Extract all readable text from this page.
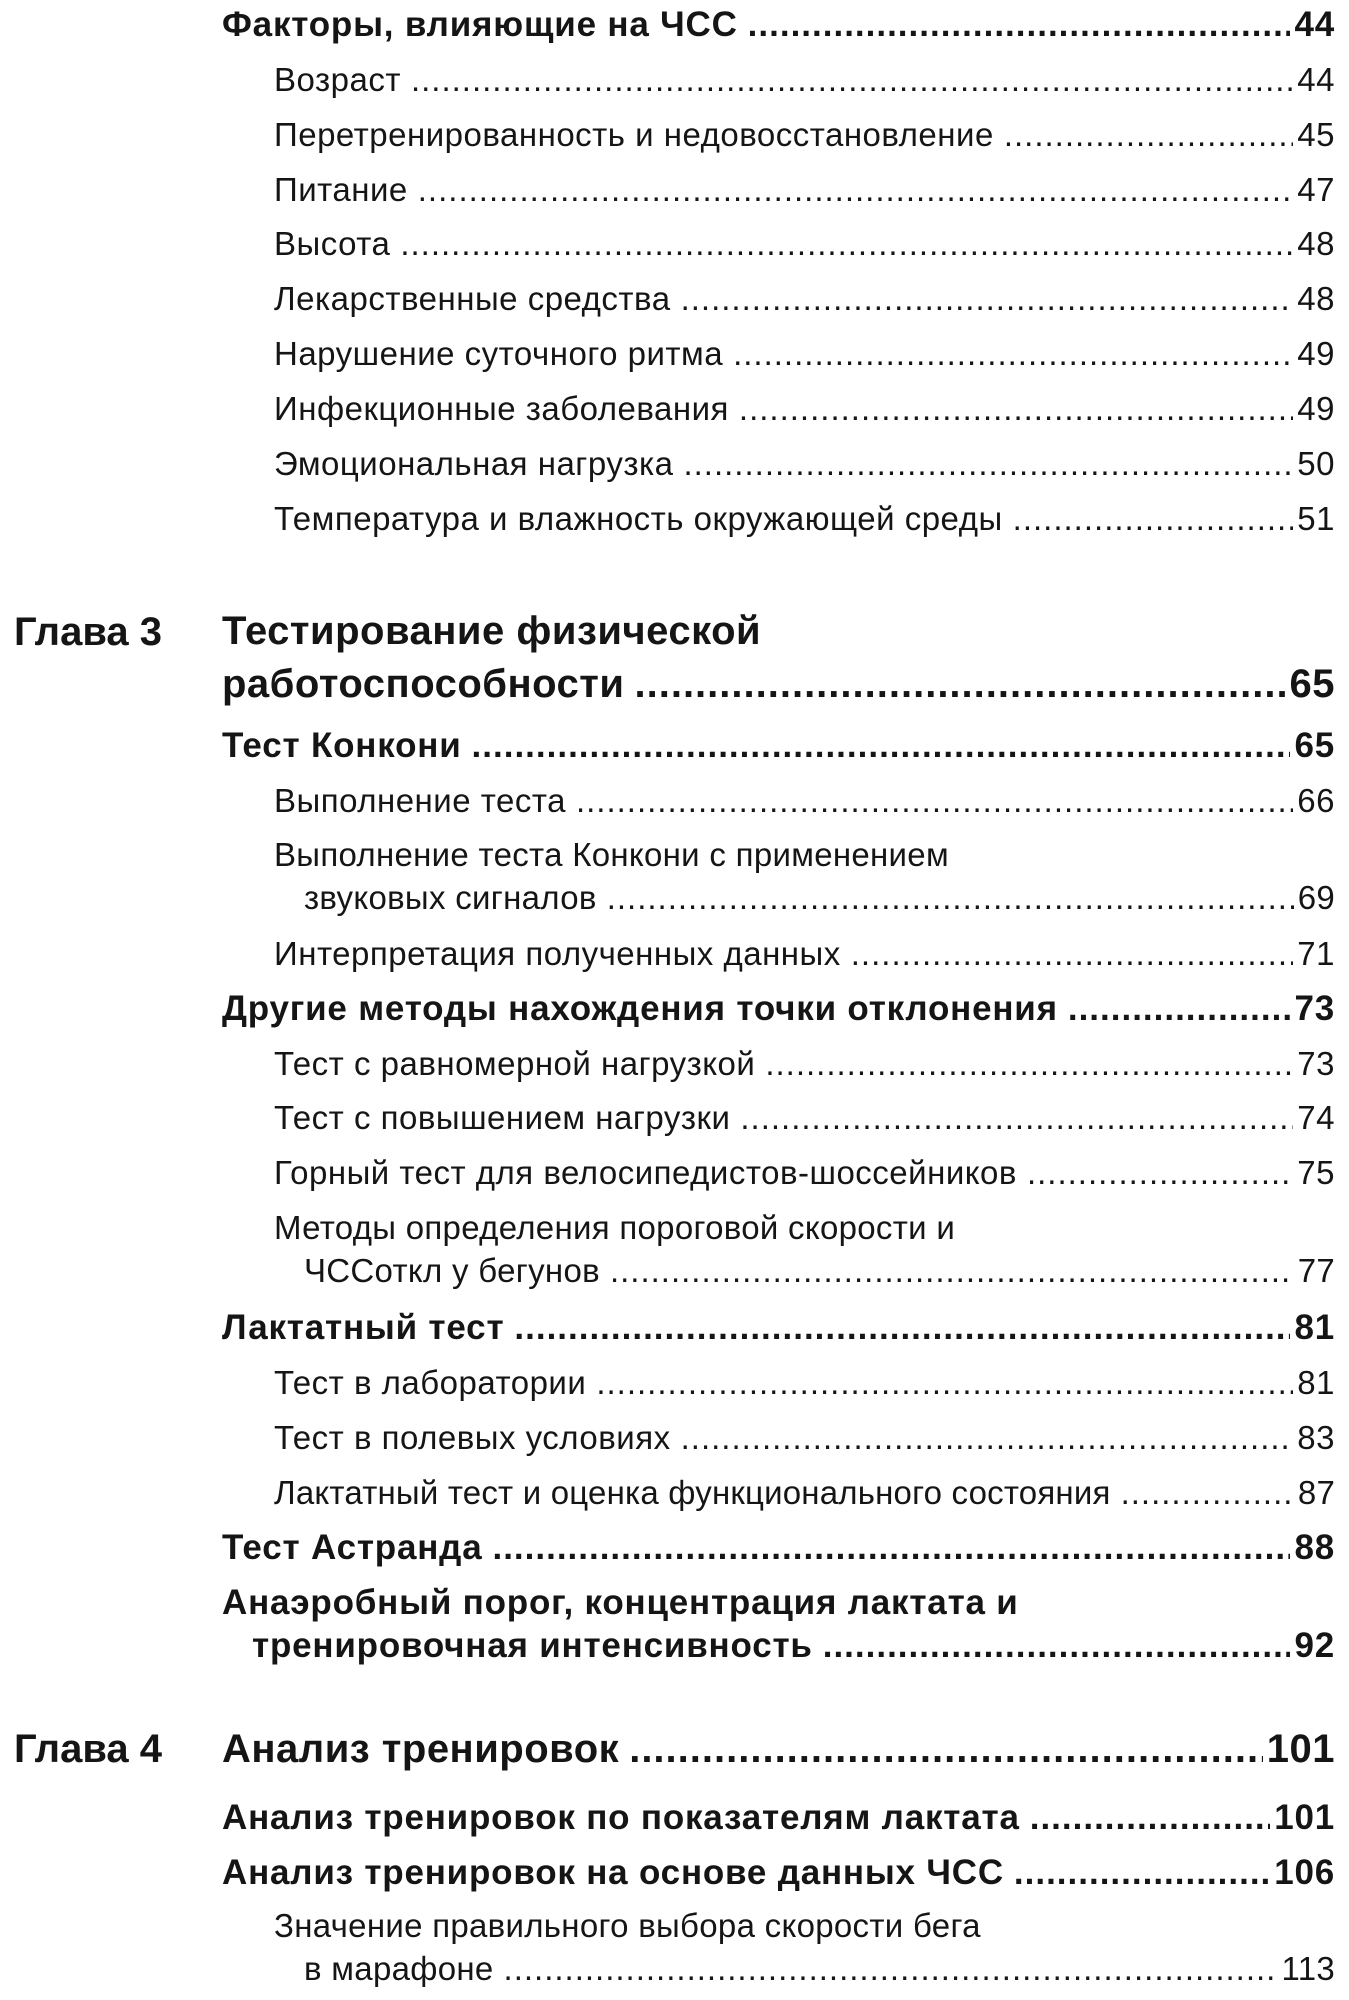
Факторы, влияющие на ЧСС .....	44
Возраст .....	44
Перетренированность и недовосстановление .....	45
Питание .....	47
Высота .....	48
Лекарственные средства .....	48
Нарушение суточного ритма .....	49
Инфекционные заболевания .....	49
Эмоциональная нагрузка .....	50
Температура и влажность окружающей среды .....	51
Глава 3 Тестирование физической
работоспособности .....	65
Тест Конкони .....	65
Выполнение теста .....	66
Выполнение теста Конкони с применением
звуковых сигналов .....	69
Интерпретация полученных данных .....	71
Другие методы нахождения точки отклонения .....	73
Тест с равномерной нагрузкой .....	73
Тест с повышением нагрузки .....	74
Горный тест для велосипедистов-шоссейников .....	75
Методы определения пороговой скорости и
ЧССоткл у бегунов .....	77
Лактатный тест .....	81
Тест в лаборатории .....	81
Тест в полевых условиях .....	83
Лактатный тест и оценка функционального состояния .....	87
Тест Астранда .....	88
Анаэробный порог, концентрация лактата и
тренировочная интенсивность .....	92
Глава 4 Анализ тренировок .....	101
Анализ тренировок по показателям лактата .....	101
Анализ тренировок на основе данных ЧСС .....	106
Значение правильного выбора скорости бега
в марафоне .....	113
